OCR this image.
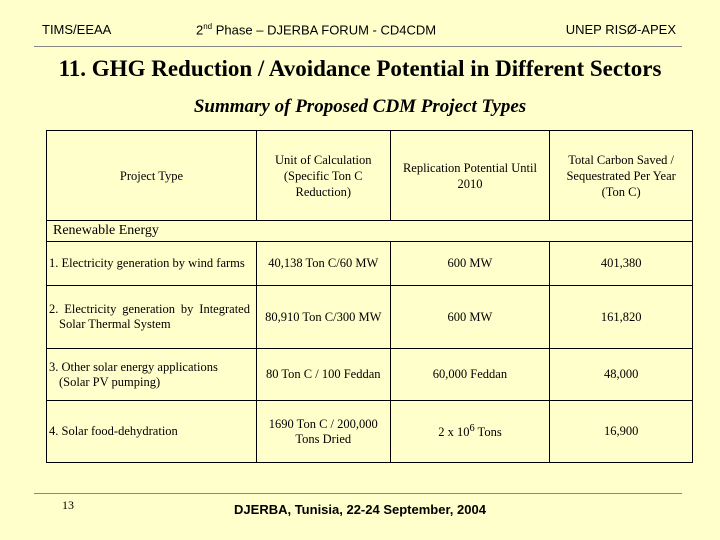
TIMS/EEAA	2nd Phase – DJERBA FORUM - CD4CDM	UNEP RISØ-APEX
11. GHG Reduction / Avoidance Potential in Different Sectors
Summary of Proposed CDM Project Types
Project Type	Unit of Calculation (Specific Ton C Reduction)	Replication Potential Until 2010	Total Carbon Saved / Sequestrated Per Year (Ton C)
Renewable Energy			
1. Electricity generation by wind farms	40,138 Ton C/60 MW	600 MW	401,380
2. Electricity generation by Integrated Solar Thermal System	80,910 Ton C/300 MW	600 MW	161,820
3. Other solar energy applications (Solar PV pumping)	80 Ton C / 100 Feddan	60,000 Feddan	48,000
4. Solar food-dehydration	1690 Ton C / 200,000 Tons Dried	2 x $10^6$ Tons	16,900
13	DJERBA, Tunisia, 22-24 September, 2004
